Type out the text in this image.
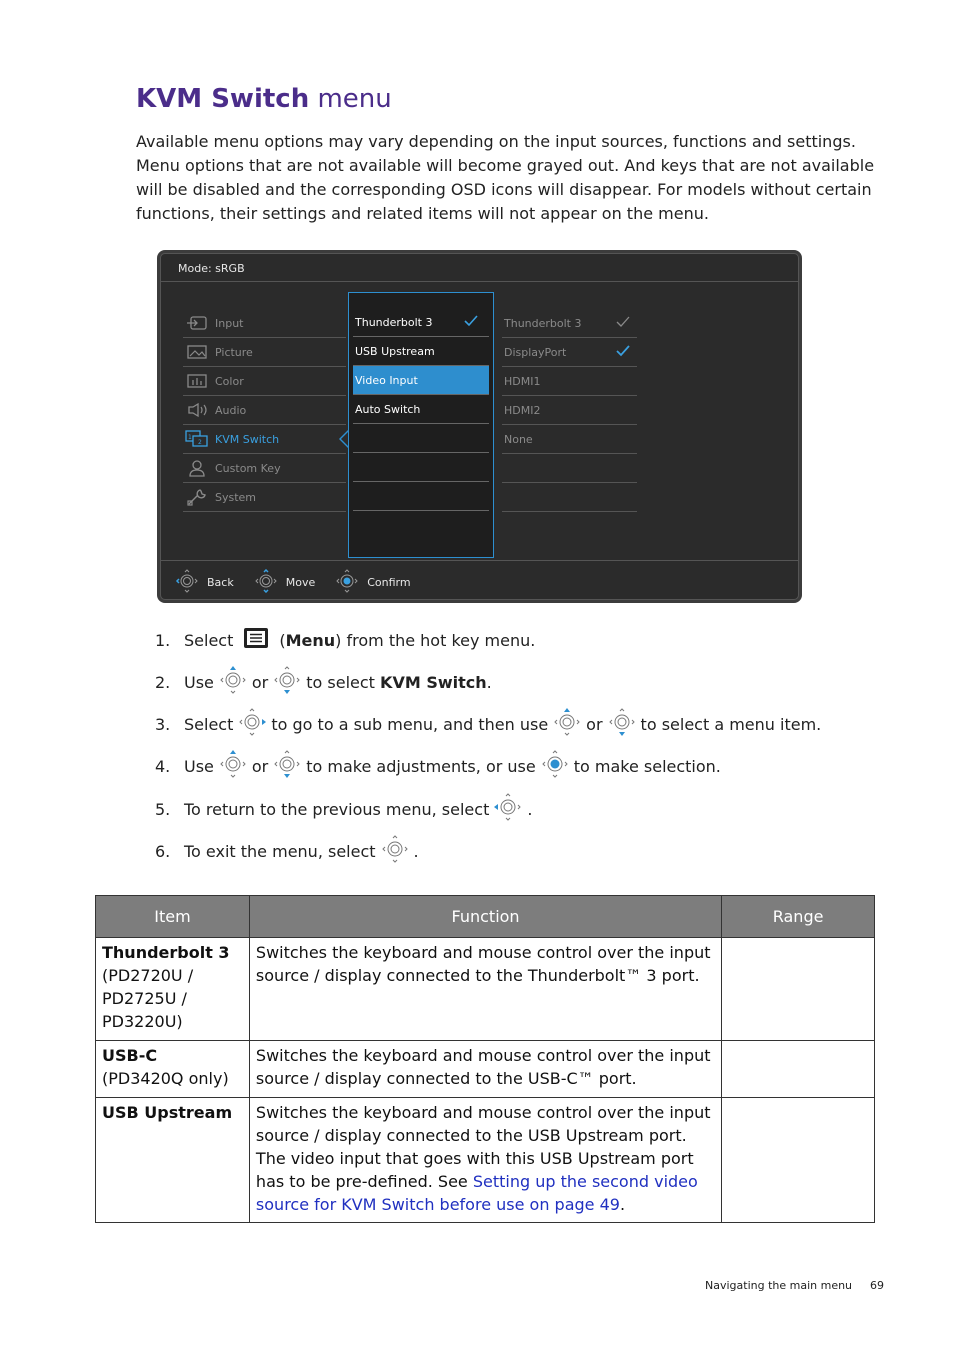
KVM Switch menu
Available menu options may vary depending on the input sources, functions and settings. Menu options that are not available will become grayed out. And keys that are not available will be disabled and the corresponding OSD icons will disappear. For models without certain functions, their settings and related items will not appear on the menu.
Mode: sRGB
Input
Picture
Color
Audio
1
2 KVM Switch
Custom Key
System
Thunderbolt 3
USB Upstream
Video Input
Auto Switch
Thunderbolt 3
DisplayPort
HDMI1
HDMI2
None
Back	Move	Confirm
1. Select	( Menu ) from the hot key menu.
2. Use or to select KVM Switch .
3. Select to go to a sub menu, and then use or to select a menu item.
4. Use or to make adjustments, or use to make selection.
5. To return to the previous menu, select .
6. To exit the menu, select .
Item	Function	Range
Thunderbolt 3
(PD2720U / PD2725U / PD3220U)	Switches the keyboard and mouse control over the input source / display connected to the Thunderbolt™ 3 port.	
USB-C
(PD3420Q only)	Switches the keyboard and mouse control over the input source / display connected to the USB-C™ port.	
USB Upstream	Switches the keyboard and mouse control over the input source / display connected to the USB Upstream port. The video input that goes with this USB Upstream port has to be pre-defined. See Setting up the second video source for KVM Switch before use on page 49.	
Navigating the main menu 69
